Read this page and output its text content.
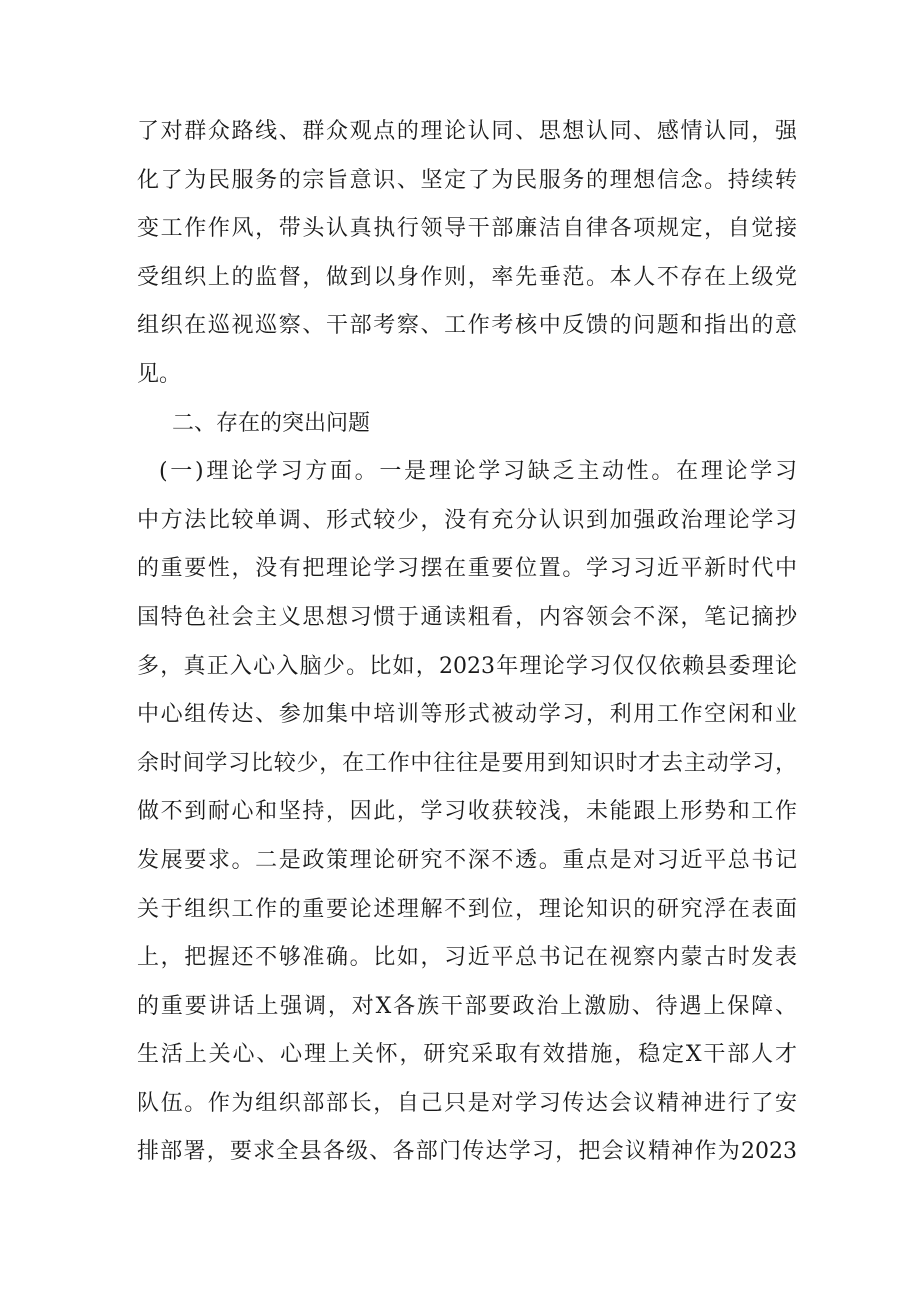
了对群众路线、群众观点的理论认同、思想认同、感情认同，强
化了为民服务的宗旨意识、坚定了为民服务的理想信念。持续转
变工作作风，带头认真执行领导干部廉洁自律各项规定，自觉接
受组织上的监督，做到以身作则，率先垂范。本人不存在上级党
组织在巡视巡察、干部考察、工作考核中反馈的问题和指出的意
见。
二、存在的突出问题
(一)理论学习方面。一是理论学习缺乏主动性。在理论学习
中方法比较单调、形式较少，没有充分认识到加强政治理论学习
的重要性，没有把理论学习摆在重要位置。学习习近平新时代中
国特色社会主义思想习惯于通读粗看，内容领会不深，笔记摘抄
多，真正入心入脑少。比如，2023年理论学习仅仅依赖县委理论
中心组传达、参加集中培训等形式被动学习，利用工作空闲和业
余时间学习比较少，在工作中往往是要用到知识时才去主动学习，
做不到耐心和坚持，因此，学习收获较浅，未能跟上形势和工作
发展要求。二是政策理论研究不深不透。重点是对习近平总书记
关于组织工作的重要论述理解不到位，理论知识的研究浮在表面
上，把握还不够准确。比如，习近平总书记在视察内蒙古时发表
的重要讲话上强调，对X各族干部要政治上激励、待遇上保障、
生活上关心、心理上关怀，研究采取有效措施，稳定X干部人才
队伍。作为组织部部长，自己只是对学习传达会议精神进行了安
排部署，要求全县各级、各部门传达学习，把会议精神作为2023
